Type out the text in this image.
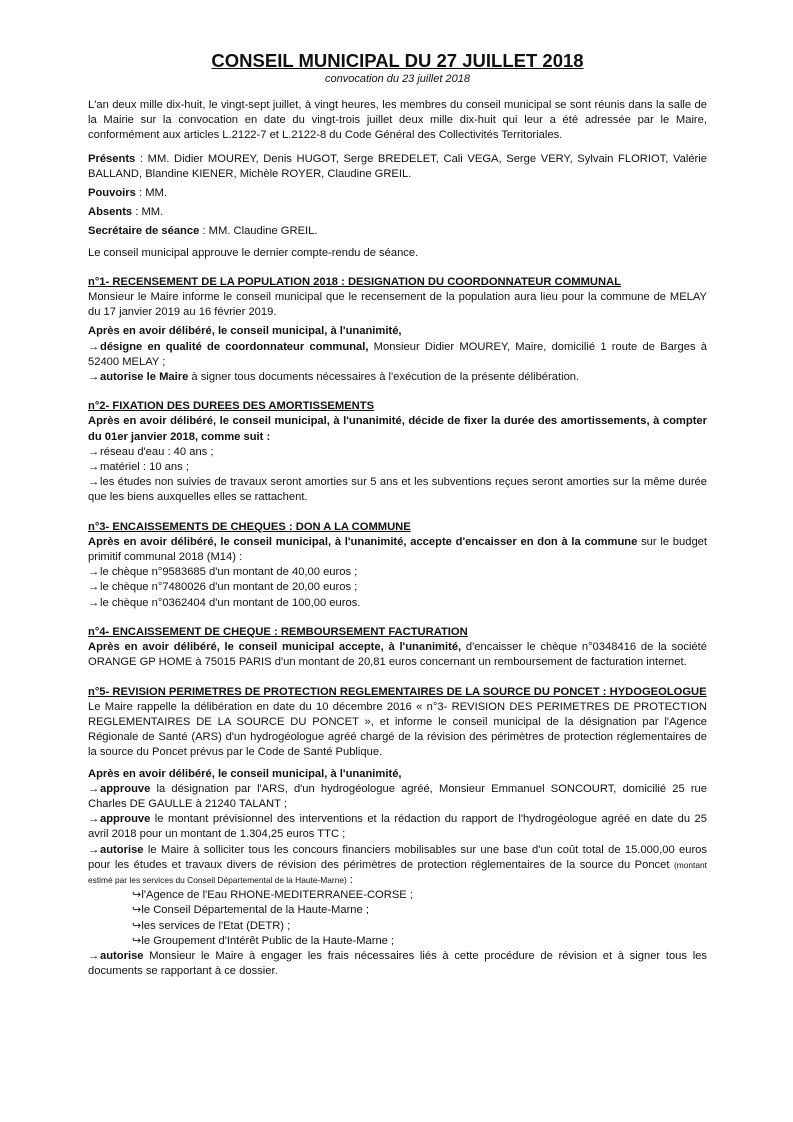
CONSEIL MUNICIPAL DU 27 JUILLET 2018

convocation du 23 juillet 2018

L'an deux mille dix-huit, le vingt-sept juillet, à vingt heures, les membres du conseil municipal se sont réunis dans la salle de la Mairie sur la convocation en date du vingt-trois juillet deux mille dix-huit qui leur a été adressée par le Maire, conformément aux articles L.2122-7 et L.2122-8 du Code Général des Collectivités Territoriales.

Présents : MM. Didier MOUREY, Denis HUGOT, Serge BREDELET, Cali VEGA, Serge VERY, Sylvain FLORIOT, Valérie BALLAND, Blandine KIENER, Michèle ROYER, Claudine GREIL.

Pouvoirs : MM.

Absents : MM.

Secrétaire de séance : MM. Claudine GREIL.

Le conseil municipal approuve le dernier compte-rendu de séance.

n°1- RECENSEMENT DE LA POPULATION 2018 : DESIGNATION DU COORDONNATEUR COMMUNAL

Monsieur le Maire informe le conseil municipal que le recensement de la population aura lieu pour la commune de MELAY du 17 janvier 2019 au 16 février 2019.

Après en avoir délibéré, le conseil municipal, à l'unanimité,

→désigne en qualité de coordonnateur communal, Monsieur Didier MOUREY, Maire, domicilié 1 route de Barges à 52400 MELAY ;

→autorise le Maire à signer tous documents nécessaires à l'exécution de la présente délibération.

n°2- FIXATION DES DUREES DES AMORTISSEMENTS

Après en avoir délibéré, le conseil municipal, à l'unanimité, décide de fixer la durée des amortissements, à compter du 01er janvier 2018, comme suit :

→réseau d'eau : 40 ans ;

→matériel : 10 ans ;

→les études non suivies de travaux seront amorties sur 5 ans et les subventions reçues seront amorties sur la même durée que les biens auxquelles elles se rattachent.

n°3- ENCAISSEMENTS DE CHEQUES : DON A LA COMMUNE

Après en avoir délibéré, le conseil municipal, à l'unanimité, accepte d'encaisser en don à la commune sur le budget primitif communal 2018 (M14) :

→le chèque n°9583685 d'un montant de 40,00 euros ;

→le chèque n°7480026 d'un montant de 20,00 euros ;

→le chèque n°0362404 d'un montant de 100,00 euros.

n°4- ENCAISSEMENT DE CHEQUE : REMBOURSEMENT FACTURATION

Après en avoir délibéré, le conseil municipal accepte, à l'unanimité, d'encaisser le chèque n°0348416 de la société ORANGE GP HOME à 75015 PARIS d'un montant de 20,81 euros concernant un remboursement de facturation internet.

n°5- REVISION PERIMETRES DE PROTECTION REGLEMENTAIRES DE LA SOURCE DU PONCET : HYDOGEOLOGUE

Le Maire rappelle la délibération en date du 10 décembre 2016 « n°3- REVISION DES PERIMETRES DE PROTECTION REGLEMENTAIRES DE LA SOURCE DU PONCET », et informe le conseil municipal de la désignation par l'Agence Régionale de Santé (ARS) d'un hydrogéologue agréé chargé de la révision des périmètres de protection réglementaires de la source du Poncet prévus par le Code de Santé Publique.

Après en avoir délibéré, le conseil municipal, à l'unanimité,

→approuve la désignation par l'ARS, d'un hydrogéologue agréé, Monsieur Emmanuel SONCOURT, domicilié 25 rue Charles DE GAULLE à 21240 TALANT ;

→approuve le montant prévisionnel des interventions et la rédaction du rapport de l'hydrogéologue agréé en date du 25 avril 2018 pour un montant de 1.304,25 euros TTC ;

→autorise le Maire à solliciter tous les concours financiers mobilisables sur une base d'un coût total de 15.000,00 euros pour les études et travaux divers de révision des périmètres de protection réglementaires de la source du Poncet (montant estimé par les services du Conseil Départemental de la Haute-Marne) :

↪l'Agence de l'Eau RHONE-MEDITERRANEE-CORSE ;

↪le Conseil Départemental de la Haute-Marne ;

↪les services de l'Etat (DETR) ;

↪le Groupement d'Intérêt Public de la Haute-Marne ;

→autorise Monsieur le Maire à engager les frais nécessaires liés à cette procédure de révision et à signer tous les documents se rapportant à ce dossier.
